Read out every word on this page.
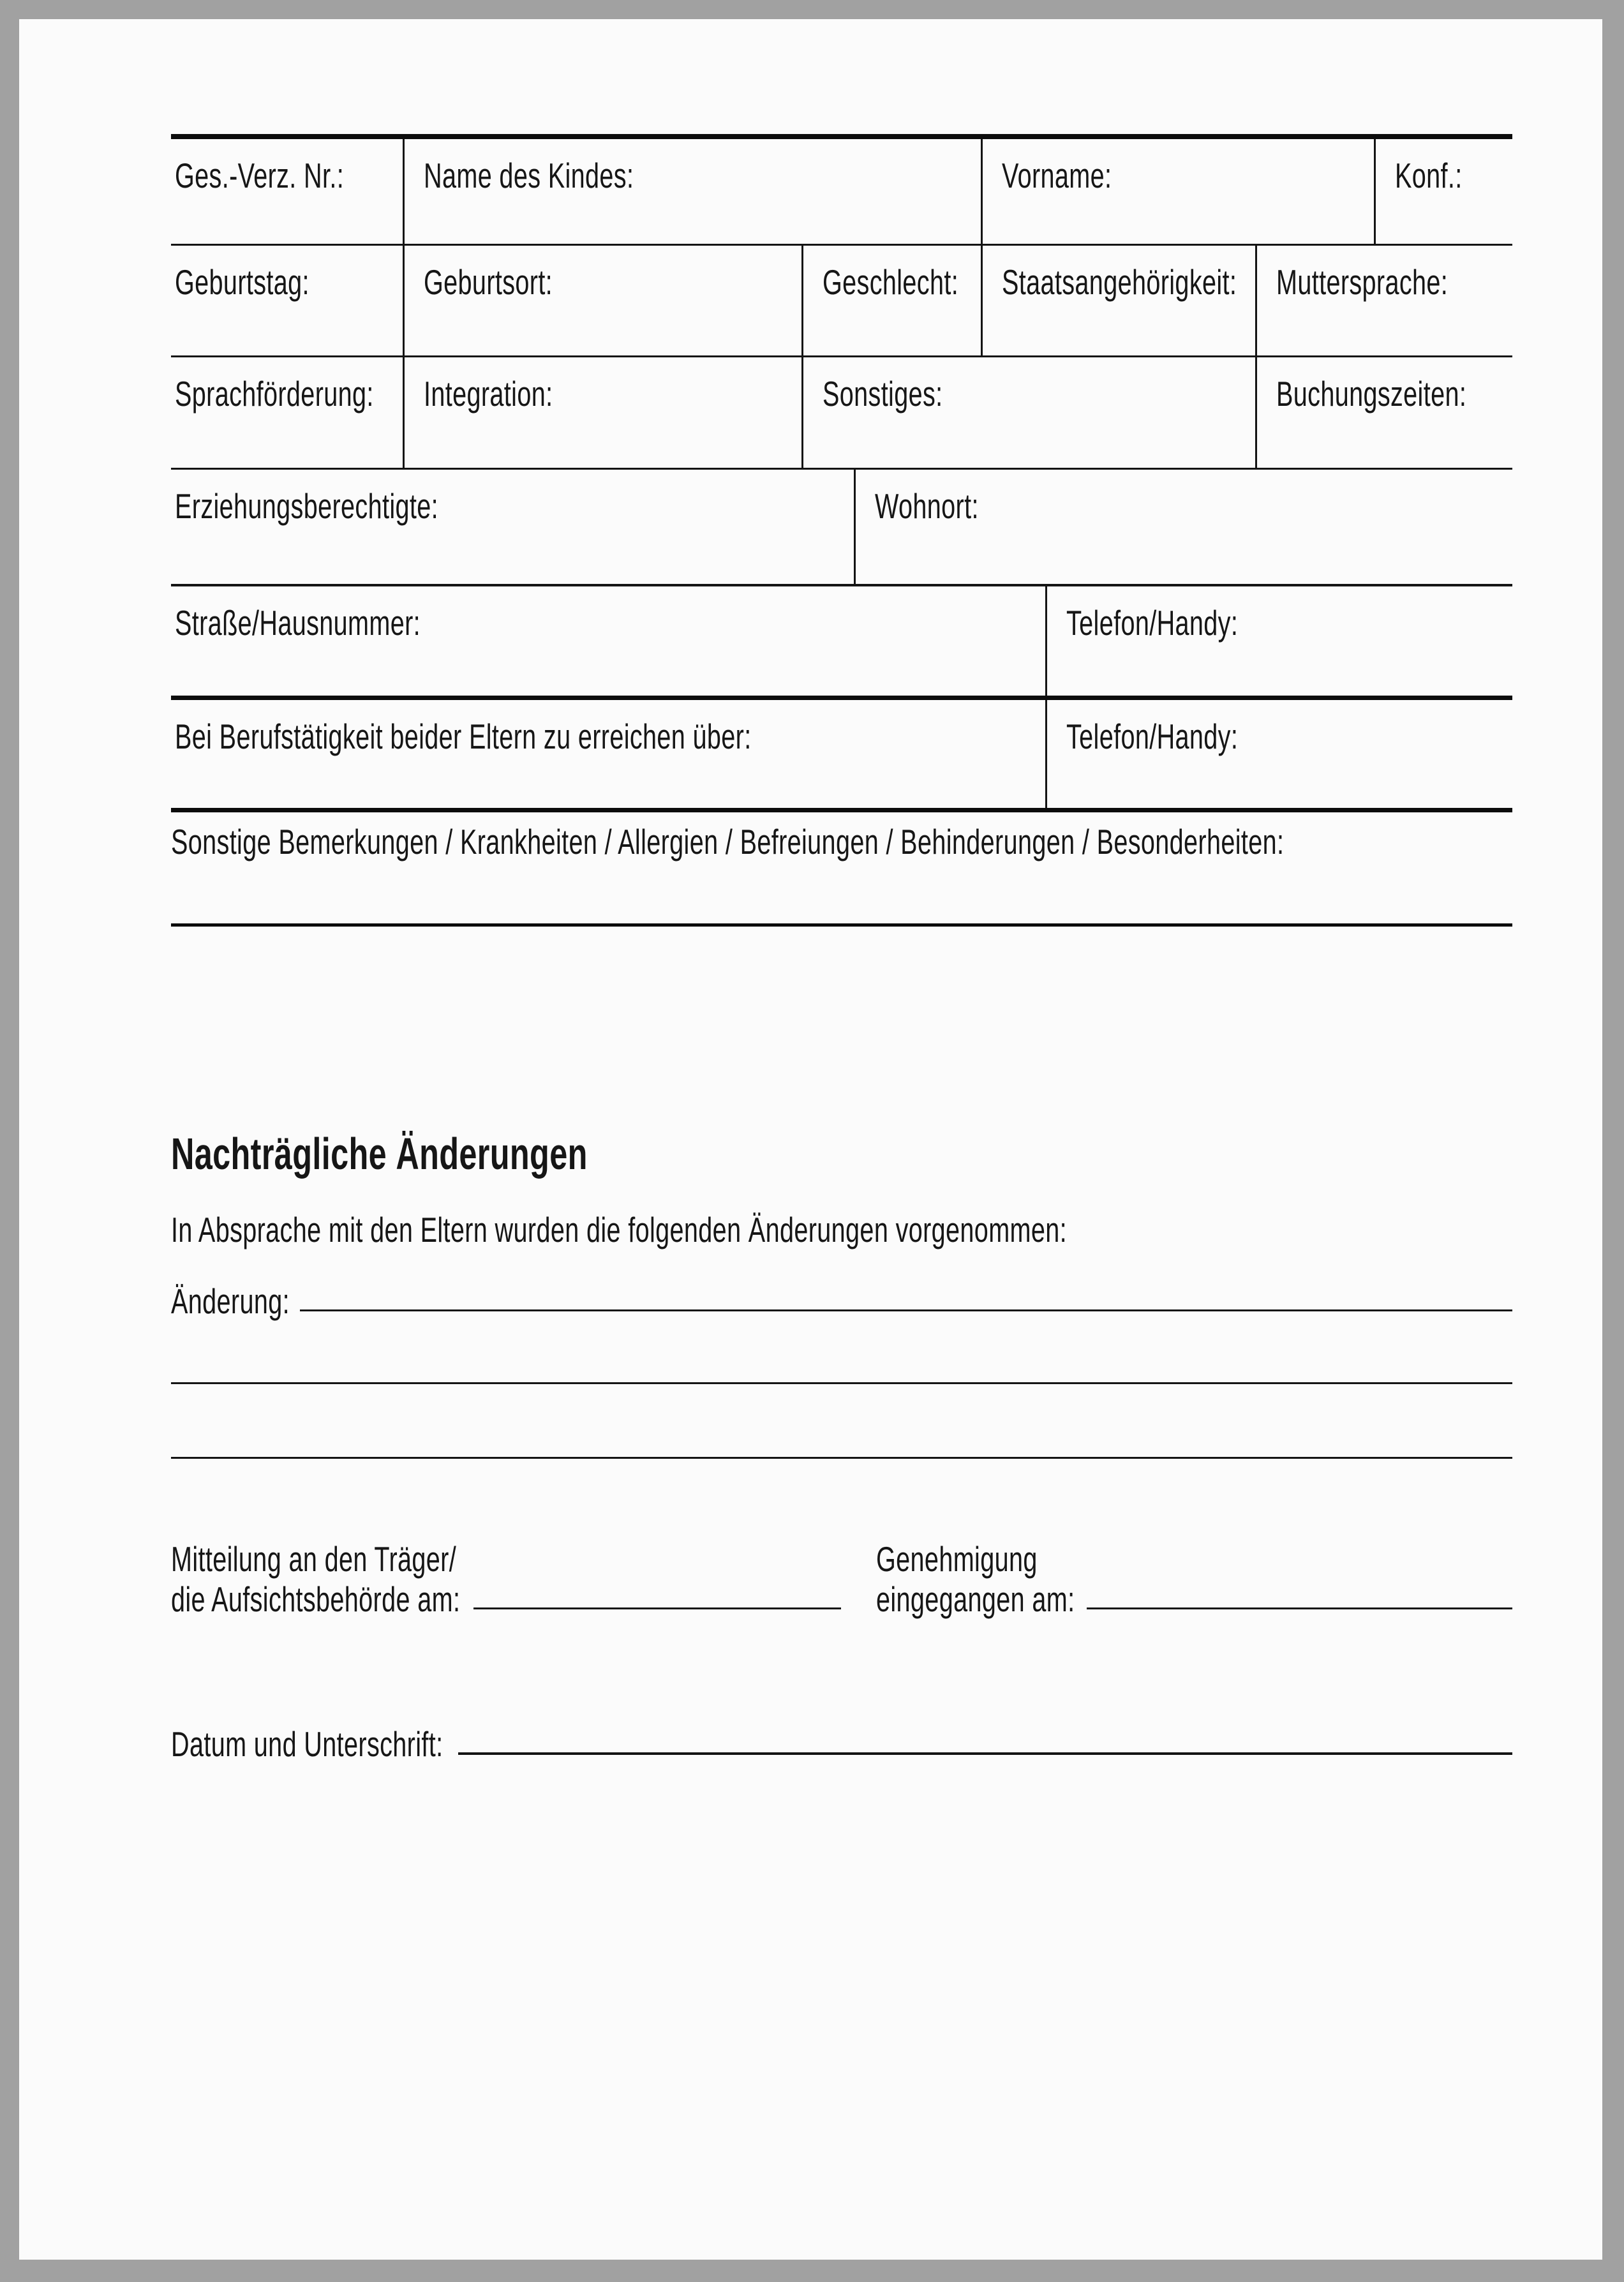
Ges.-Verz. Nr.:	Name des Kindes:	Vorname:	Konf.:
Geburtstag:	Geburtsort:	Geschlecht:	Staatsangehörigkeit:	Muttersprache:
Sprachförderung:	Integration:	Sonstiges:	Buchungszeiten:
Erziehungsberechtigte:	Wohnort:
Straße/Hausnummer:	Telefon/Handy:
Bei Berufstätigkeit beider Eltern zu erreichen über:	Telefon/Handy:
Sonstige Bemerkungen / Krankheiten / Allergien / Befreiungen / Behinderungen / Besonderheiten:
Nachträgliche Änderungen
In Absprache mit den Eltern wurden die folgenden Änderungen vorgenommen:
Änderung:
Mitteilung an den Träger/
die Aufsichtsbehörde am:
Genehmigung
eingegangen am:
Datum und Unterschrift:
